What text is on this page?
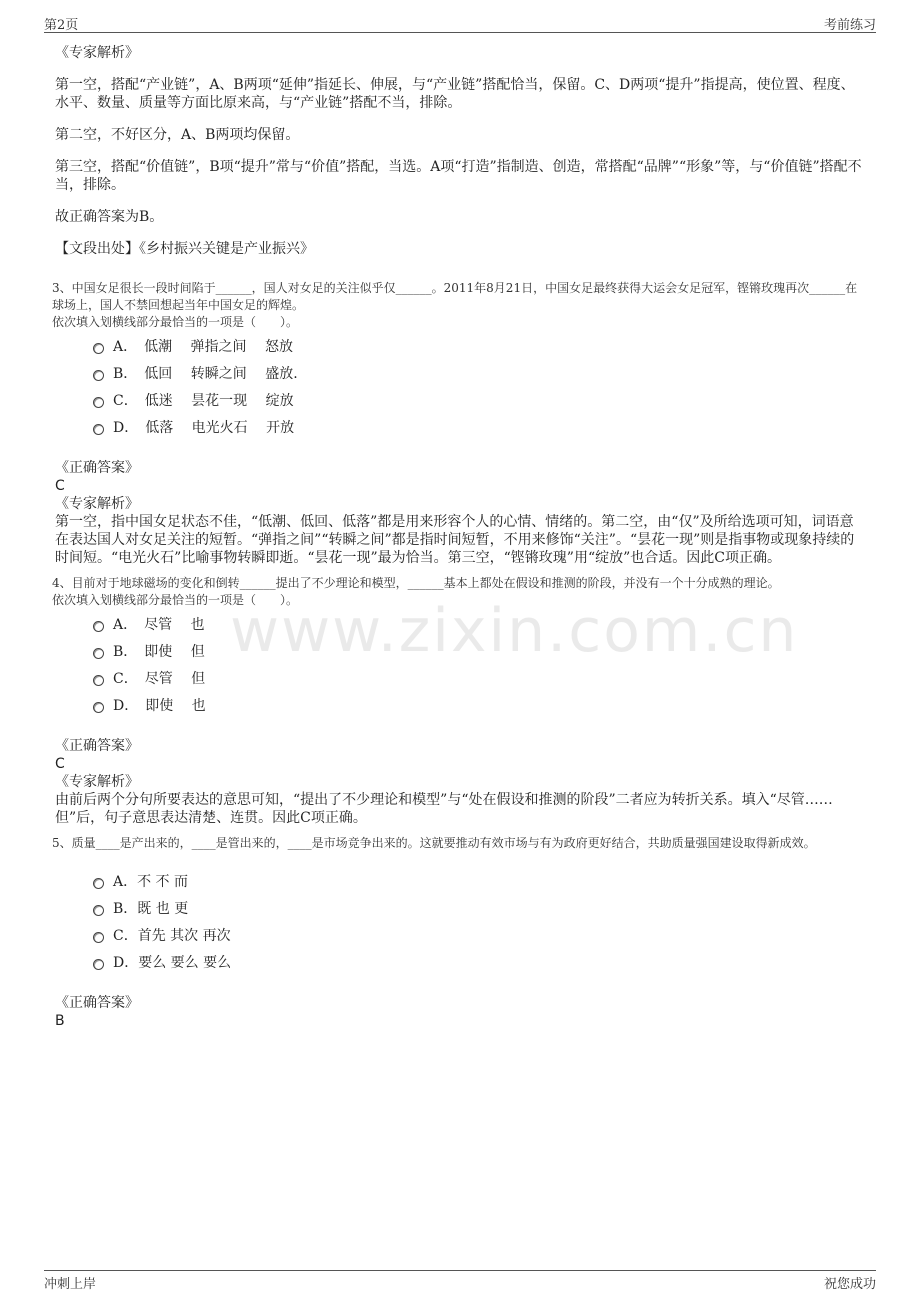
第2页	考前练习
www.zixin.com.cn

《专家解析》

第一空，搭配“产业链”，A、B两项“延伸”指延长、伸展，与“产业链”搭配恰当，保留。C、D两项“提升”指提高，使位置、程度、水平、数量、质量等方面比原来高，与“产业链”搭配不当，排除。

第二空，不好区分，A、B两项均保留。

第三空，搭配“价值链”，B项“提升”常与“价值”搭配，当选。A项“打造”指制造、创造，常搭配“品牌”“形象”等，与“价值链”搭配不当，排除。

故正确答案为B。

【文段出处】《乡村振兴关键是产业振兴》

3、中国女足很长一段时间陷于______，国人对女足的关注似乎仅______。2011年8月21日，中国女足最终获得大运会女足冠军，铿锵玫瑰再次______在球场上，国人不禁回想起当年中国女足的辉煌。

依次填入划横线部分最恰当的一项是（　　）。

A．　低潮　 弹指之间　 怒放
B．　低回　 转瞬之间　 盛放.
C．　低迷　 昙花一现　 绽放
D．　低落　 电光火石　 开放

《正确答案》

C

《专家解析》

第一空，指中国女足状态不佳，“低潮、低回、低落”都是用来形容个人的心情、情绪的。第二空，由“仅”及所给选项可知，词语意在表达国人对女足关注的短暂。“弹指之间”“转瞬之间”都是指时间短暂，不用来修饰“关注”。“昙花一现”则是指事物或现象持续的时间短。“电光火石”比喻事物转瞬即逝。“昙花一现”最为恰当。第三空，“铿锵玫瑰”用“绽放”也合适。因此C项正确。

4、目前对于地球磁场的变化和倒转______提出了不少理论和模型，______基本上都处在假设和推测的阶段，并没有一个十分成熟的理论。

依次填入划横线部分最恰当的一项是（　　）。

A．　尽管　 也
B．　即使　 但
C．　尽管　 但
D．　即使　 也

《正确答案》

C

《专家解析》

由前后两个分句所要表达的意思可知，“提出了不少理论和模型”与“处在假设和推测的阶段”二者应为转折关系。填入“尽管……但”后，句子意思表达清楚、连贯。因此C项正确。

5、质量____是产出来的，____是管出来的，____是市场竞争出来的。这就要推动有效市场与有为政府更好结合，共助质量强国建设取得新成效。

A．不 不 而
B．既 也 更
C．首先 其次 再次
D．要么 要么 要么

《正确答案》

B

冲刺上岸	祝您成功
